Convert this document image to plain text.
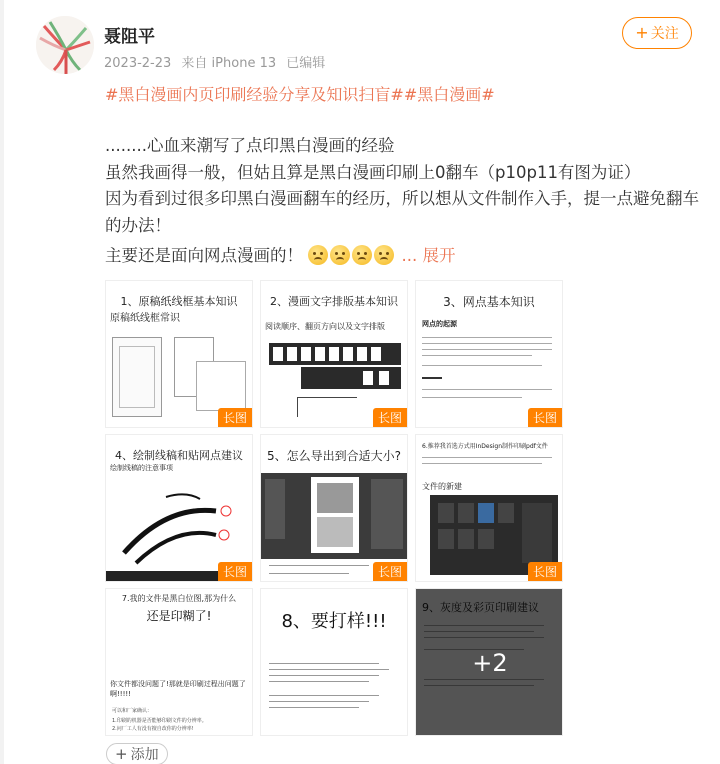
聂阻平
2023-2-23 来自 iPhone 13 已编辑
+ 关注
#黑白漫画内页印刷经验分享及知识扫盲##黑白漫画#

........心血来潮写了点印黑白漫画的经验

虽然我画得一般，但姑且算是黑白漫画印刷上0翻车（p10p11有图为证）

因为看到过很多印黑白漫画翻车的经历，所以想从文件制作入手，提一点避免翻车的办法！

主要还是面向网点漫画的！	... 展开

1、原稿纸线框基本知识
原稿纸线框常识
长图
2、漫画文字排版基本知识
阅读顺序、翻页方向以及文字排版
长图
3、网点基本知识
网点的起源
长图
4、绘制线稿和贴网点建议
绘制线稿的注意事项
长图
5、怎么导出到合适大小?
长图
6.推荐我首选方式用InDesign制作印刷pdf文件
文件的新建
长图
7.我的文件是黑白位图,那为什么
还是印糊了!
你文件都没问题了!那就是印刷过程出问题了啊!!!!!
可以和厂家确认：
1.印刷的机器是否能够印刷文件的分辨率。
2.问厂工人有没有擅自改你的分辨率!
8、要打样!!!
9、灰度及彩页印刷建议
+2
+ 添加
